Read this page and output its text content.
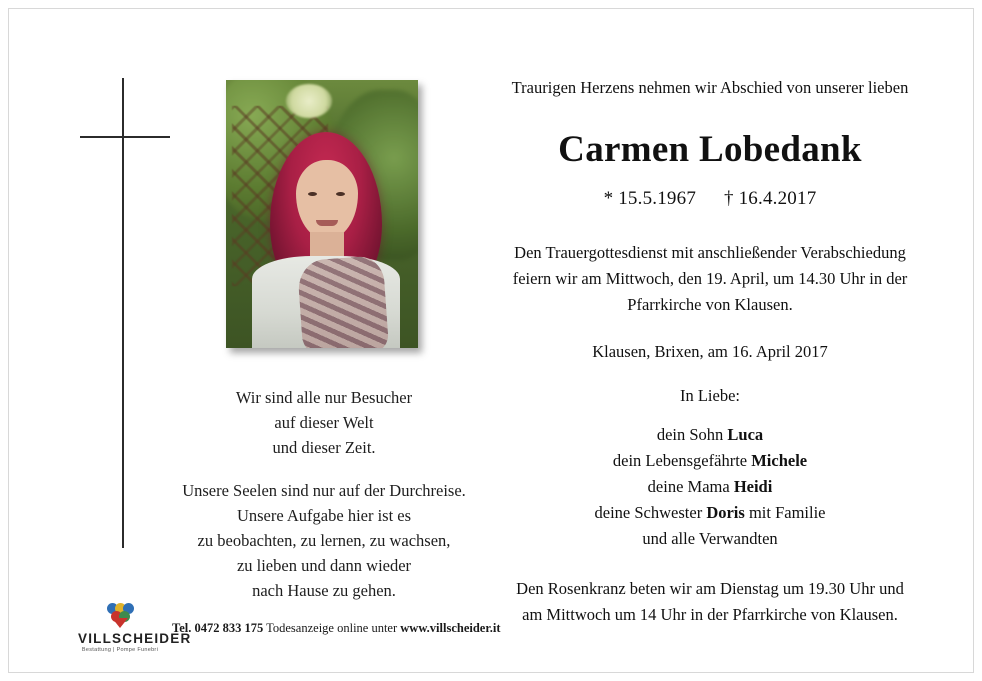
Wir sind alle nur Besucher
auf dieser Welt
und dieser Zeit.
Unsere Seelen sind nur auf der Durchreise.
Unsere Aufgabe hier ist es
zu beobachten, zu lernen, zu wachsen,
zu lieben und dann wieder
nach Hause zu gehen.
Traurigen Herzens nehmen wir Abschied von unserer lieben
Carmen Lobedank
* 15.5.1967 † 16.4.2017
Den Trauergottesdienst mit anschließender Verabschiedung
feiern wir am Mittwoch, den 19. April, um 14.30 Uhr in der
Pfarrkirche von Klausen.
Klausen, Brixen, am 16. April 2017
In Liebe:
dein Sohn Luca
dein Lebensgefährte Michele
deine Mama Heidi
deine Schwester Doris mit Familie
und alle Verwandten
Den Rosenkranz beten wir am Dienstag um 19.30 Uhr und
am Mittwoch um 14 Uhr in der Pfarrkirche von Klausen.
VILLSCHEIDER
Bestattung | Pompe Funebri
Tel. 0472 833 175 Todesanzeige online unter www.villscheider.it
